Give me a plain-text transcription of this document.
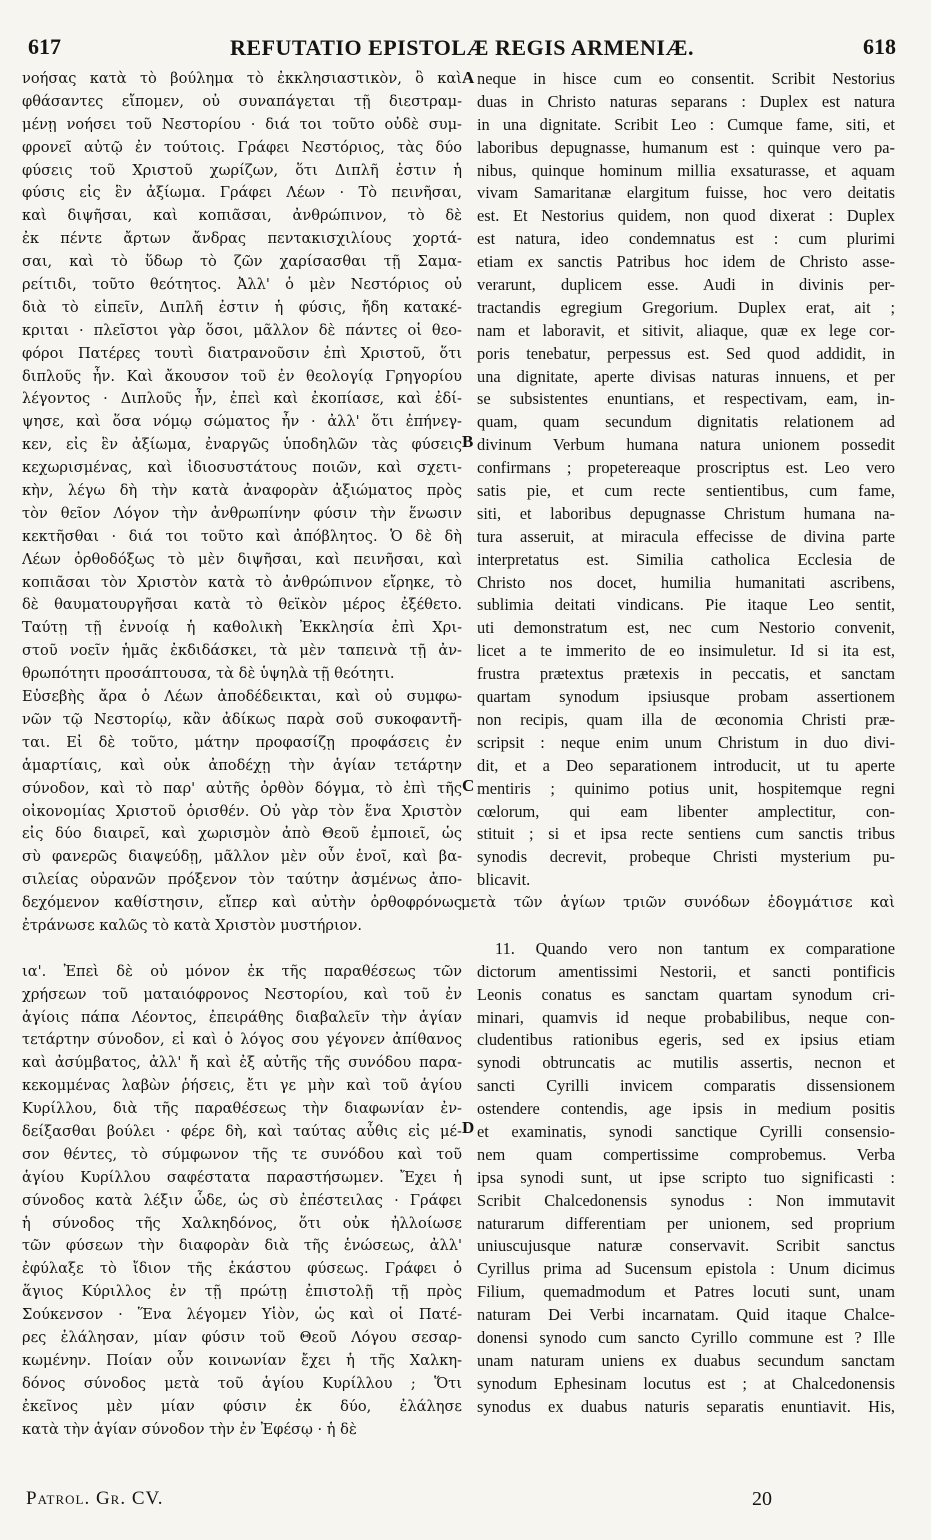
617	REFUTATIO EPISTOLÆ REGIS ARMENIÆ.	618
νοήσας κατὰ τὸ βούλημα τὸ ἐκκλησιαστικὸν, ὃ καὶ
φθάσαντες εἴπομεν, οὐ συναπάγεται τῇ διεστραμ-
μένῃ νοήσει τοῦ Νεστορίου · διά τοι τοῦτο οὐδὲ συμ-
φρονεῖ αὐτῷ ἐν τούτοις. Γράφει Νεστόριος, τὰς δύο
φύσεις τοῦ Χριστοῦ χωρίζων, ὅτι Διπλῆ ἐστιν ἡ
φύσις εἰς ἓν ἀξίωμα. Γράφει Λέων · Τὸ πεινῆσαι,
καὶ διψῆσαι, καὶ κοπιᾶσαι, ἀνθρώπινον, τὸ δὲ
ἐκ πέντε ἄρτων ἄνδρας πεντακισχιλίους χορτά-
σαι, καὶ τὸ ὕδωρ τὸ ζῶν χαρίσασθαι τῇ Σαμα-
ρείτιδι, τοῦτο θεότητος. Ἀλλ' ὁ μὲν Νεστόριος οὐ
διὰ τὸ εἰπεῖν, Διπλῆ ἐστιν ἡ φύσις, ἤδη κατακέ-
κριται · πλεῖστοι γὰρ ὅσοι, μᾶλλον δὲ πάντες οἱ θεο-
φόροι Πατέρες τουτὶ διατρανοῦσιν ἐπὶ Χριστοῦ, ὅτι
διπλοῦς ἦν. Καὶ ἄκουσον τοῦ ἐν θεολογίᾳ Γρηγορίου
λέγοντος · Διπλοῦς ἦν, ἐπεὶ καὶ ἐκοπίασε, καὶ ἐδί-
ψησε, καὶ ὅσα νόμῳ σώματος ἦν · ἀλλ' ὅτι ἐπήνεγ-
κεν, εἰς ἓν ἀξίωμα, ἐναργῶς ὑποδηλῶν τὰς φύσεις
κεχωρισμένας, καὶ ἰδιοσυστάτους ποιῶν, καὶ σχετι-
κὴν, λέγω δὴ τὴν κατὰ ἀναφορὰν ἀξιώματος πρὸς
τὸν θεῖον Λόγον τὴν ἀνθρωπίνην φύσιν τὴν ἕνωσιν
κεκτῆσθαι · διά τοι τοῦτο καὶ ἀπόβλητος. Ὁ δὲ δὴ
Λέων ὀρθοδόξως τὸ μὲν διψῆσαι, καὶ πεινῆσαι, καὶ
κοπιᾶσαι τὸν Χριστὸν κατὰ τὸ ἀνθρώπινον εἴρηκε, τὸ
δὲ θαυματουργῆσαι κατὰ τὸ θεϊκὸν μέρος ἐξέθετο.
Ταύτῃ τῇ ἐννοίᾳ ἡ καθολικὴ Ἐκκλησία ἐπὶ Χρι-
στοῦ νοεῖν ἡμᾶς ἐκδιδάσκει, τὰ μὲν ταπεινὰ τῇ ἀν-
θρωπότητι προσάπτουσα, τὰ δὲ ὑψηλὰ τῇ θεότητι.
Εὐσεβὴς ἄρα ὁ Λέων ἀποδέδεικται, καὶ οὐ συμφω-
νῶν τῷ Νεστορίῳ, κἂν ἀδίκως παρὰ σοῦ συκοφαντῆ-
ται. Εἰ δὲ τοῦτο, μάτην προφασίζῃ προφάσεις ἐν
ἁμαρτίαις, καὶ οὐκ ἀποδέχῃ τὴν ἁγίαν τετάρτην
σύνοδον, καὶ τὸ παρ' αὐτῆς ὀρθὸν δόγμα, τὸ ἐπὶ τῆς
οἰκονομίας Χριστοῦ ὁρισθέν. Οὐ γὰρ τὸν ἕνα Χριστὸν
εἰς δύο διαιρεῖ, καὶ χωρισμὸν ἀπὸ Θεοῦ ἐμποιεῖ, ὡς
σὺ φανερῶς διαψεύδῃ, μᾶλλον μὲν οὖν ἑνοῖ, καὶ βα-
σιλείας οὐρανῶν πρόξενον τὸν ταύτην ἀσμένως ἀπο-
δεχόμενον καθίστησιν, εἴπερ καὶ αὐτὴν ὀρθοφρόνως
ἐτράνωσε καλῶς τὸ κατὰ Χριστὸν μυστήριον.
ια'. Ἐπεὶ δὲ οὐ μόνον ἐκ τῆς παραθέσεως τῶν
χρήσεων τοῦ ματαιόφρονος Νεστορίου, καὶ τοῦ ἐν
ἁγίοις πάπα Λέοντος, ἐπειράθης διαβαλεῖν τὴν ἁγίαν
τετάρτην σύνοδον, εἰ καὶ ὁ λόγος σου γέγονεν ἀπίθανος
καὶ ἀσύμβατος, ἀλλ' ἤ καὶ ἐξ αὐτῆς τῆς συνόδου παρα-
κεκομμένας λαβὼν ῥήσεις, ἔτι γε μὴν καὶ τοῦ ἁγίου
Κυρίλλου, διὰ τῆς παραθέσεως τὴν διαφωνίαν ἐν-
δείξασθαι βούλει · φέρε δὴ, καὶ ταύτας αὖθις εἰς μέ-
σον θέντες, τὸ σύμφωνον τῆς τε συνόδου καὶ τοῦ
ἁγίου Κυρίλλου σαφέστατα παραστήσωμεν. Ἔχει ἡ
σύνοδος κατὰ λέξιν ὧδε, ὡς σὺ ἐπέστειλας · Γράφει
ἡ σύνοδος τῆς Χαλκηδόνος, ὅτι οὐκ ἠλλοίωσε
τῶν φύσεων τὴν διαφορὰν διὰ τῆς ἑνώσεως, ἀλλ'
ἐφύλαξε τὸ ἴδιον τῆς ἑκάστου φύσεως. Γράφει ὁ
ἅγιος Κύριλλος ἐν τῇ πρώτῃ ἐπιστολῇ τῇ πρὸς
Σούκενσον · Ἕνα λέγομεν Υἱὸν, ὡς καὶ οἱ Πατέ-
ρες ἐλάλησαν, μίαν φύσιν τοῦ Θεοῦ Λόγου σεσαρ-
κωμένην. Ποίαν οὖν κοινωνίαν ἔχει ἡ τῆς Χαλκη-
δόνος σύνοδος μετὰ τοῦ ἁγίου Κυρίλλου ; Ὅτι
ἐκεῖνος μὲν μίαν φύσιν ἐκ δύο, ἐλάλησε
κατὰ τὴν ἁγίαν σύνοδον τὴν ἐν Ἐφέσῳ · ἡ δὲ
neque in hisce cum eo consentit. Scribit Nestorius
duas in Christo naturas separans : Duplex est natura
in una dignitate. Scribit Leo : Cumque fame, siti, et
laboribus depugnasse, humanum est : quinque vero pa-
nibus, quinque hominum millia exsaturasse, et aquam
vivam Samaritanæ elargitum fuisse, hoc vero deitatis
est. Et Nestorius quidem, non quod dixerat : Duplex
est natura, ideo condemnatus est : cum plurimi
etiam ex sanctis Patribus hoc idem de Christo asse-
verarunt, duplicem esse. Audi in divinis per-
tractandis egregium Gregorium. Duplex erat, ait ;
nam et laboravit, et sitivit, aliaque, quæ ex lege cor-
poris tenebatur, perpessus est. Sed quod addidit, in
una dignitate, aperte divisas naturas innuens, et per
se subsistentes enuntians, et respectivam, eam, in-
quam, quam secundum dignitatis relationem ad
divinum Verbum humana natura unionem possedit
confirmans ; propetereaque proscriptus est. Leo vero
satis pie, et cum recte sentientibus, cum fame,
siti, et laboribus depugnasse Christum humana na-
tura asseruit, at miracula effecisse de divina parte
interpretatus est. Similia catholica Ecclesia de
Christo nos docet, humilia humanitati ascribens,
sublimia deitati vindicans. Pie itaque Leo sentit,
uti demonstratum est, nec cum Nestorio convenit,
licet a te immerito de eo insimuletur. Id si ita est,
frustra prætextus prætexis in peccatis, et sanctam
quartam synodum ipsiusque probam assertionem
non recipis, quam illa de œconomia Christi præ-
scripsit : neque enim unum Christum in duo divi-
dit, et a Deo separationem introducit, ut tu aperte
mentiris ; quinimo potius unit, hospitemque regni
cœlorum, qui eam libenter amplectitur, con-
stituit ; si et ipsa recte sentiens cum sanctis tribus
synodis decrevit, probeque Christi mysterium pu-
blicavit.
μετὰ τῶν ἁγίων τριῶν συνόδων ἐδογμάτισε καὶ
11. Quando vero non tantum ex comparatione
dictorum amentissimi Nestorii, et sancti pontificis
Leonis conatus es sanctam quartam synodum cri-
minari, quamvis id neque probabilibus, neque con-
cludentibus rationibus egeris, sed ex ipsius etiam
synodi obtruncatis ac mutilis assertis, necnon et
sancti Cyrilli invicem comparatis dissensionem
ostendere contendis, age ipsis in medium positis
et examinatis, synodi sanctique Cyrilli consensio-
nem quam compertissime comprobemus. Verba
ipsa synodi sunt, ut ipse scripto tuo significasti :
Scribit Chalcedonensis synodus : Non immutavit
naturarum differentiam per unionem, sed proprium
uniuscujusque naturæ conservavit. Scribit sanctus
Cyrillus prima ad Sucensum epistola : Unum dicimus
Filium, quemadmodum et Patres locuti sunt, unam
naturam Dei Verbi incarnatam. Quid itaque Chalce-
donensi synodo cum sancto Cyrillo commune est ? Ille
unam naturam uniens ex duabus secundum sanctam
synodum Ephesinam locutus est ; at Chalcedonensis
synodus ex duabus naturis separatis enuntiavit. His,
A
B
C
D
Patrol. Gr. CV.	20
